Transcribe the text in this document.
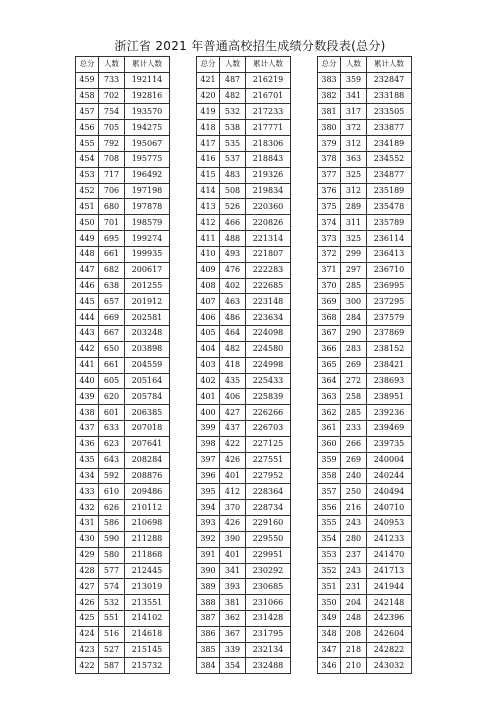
浙江省 2021 年普通高校招生成绩分数段表(总分)
总分	人数	累计人数
459	733	192114
458	702	192816
457	754	193570
456	705	194275
455	792	195067
454	708	195775
453	717	196492
452	706	197198
451	680	197878
450	701	198579
449	695	199274
448	661	199935
447	682	200617
446	638	201255
445	657	201912
444	669	202581
443	667	203248
442	650	203898
441	661	204559
440	605	205164
439	620	205784
438	601	206385
437	633	207018
436	623	207641
435	643	208284
434	592	208876
433	610	209486
432	626	210112
431	586	210698
430	590	211288
429	580	211868
428	577	212445
427	574	213019
426	532	213551
425	551	214102
424	516	214618
423	527	215145
422	587	215732
总分	人数	累计人数
421	487	216219
420	482	216701
419	532	217233
418	538	217771
417	535	218306
416	537	218843
415	483	219326
414	508	219834
413	526	220360
412	466	220826
411	488	221314
410	493	221807
409	476	222283
408	402	222685
407	463	223148
406	486	223634
405	464	224098
404	482	224580
403	418	224998
402	435	225433
401	406	225839
400	427	226266
399	437	226703
398	422	227125
397	426	227551
396	401	227952
395	412	228364
394	370	228734
393	426	229160
392	390	229550
391	401	229951
390	341	230292
389	393	230685
388	381	231066
387	362	231428
386	367	231795
385	339	232134
384	354	232488
总分	人数	累计人数
383	359	232847
382	341	233188
381	317	233505
380	372	233877
379	312	234189
378	363	234552
377	325	234877
376	312	235189
375	289	235478
374	311	235789
373	325	236114
372	299	236413
371	297	236710
370	285	236995
369	300	237295
368	284	237579
367	290	237869
366	283	238152
365	269	238421
364	272	238693
363	258	238951
362	285	239236
361	233	239469
360	266	239735
359	269	240004
358	240	240244
357	250	240494
356	216	240710
355	243	240953
354	280	241233
353	237	241470
352	243	241713
351	231	241944
350	204	242148
349	248	242396
348	208	242604
347	218	242822
346	210	243032
